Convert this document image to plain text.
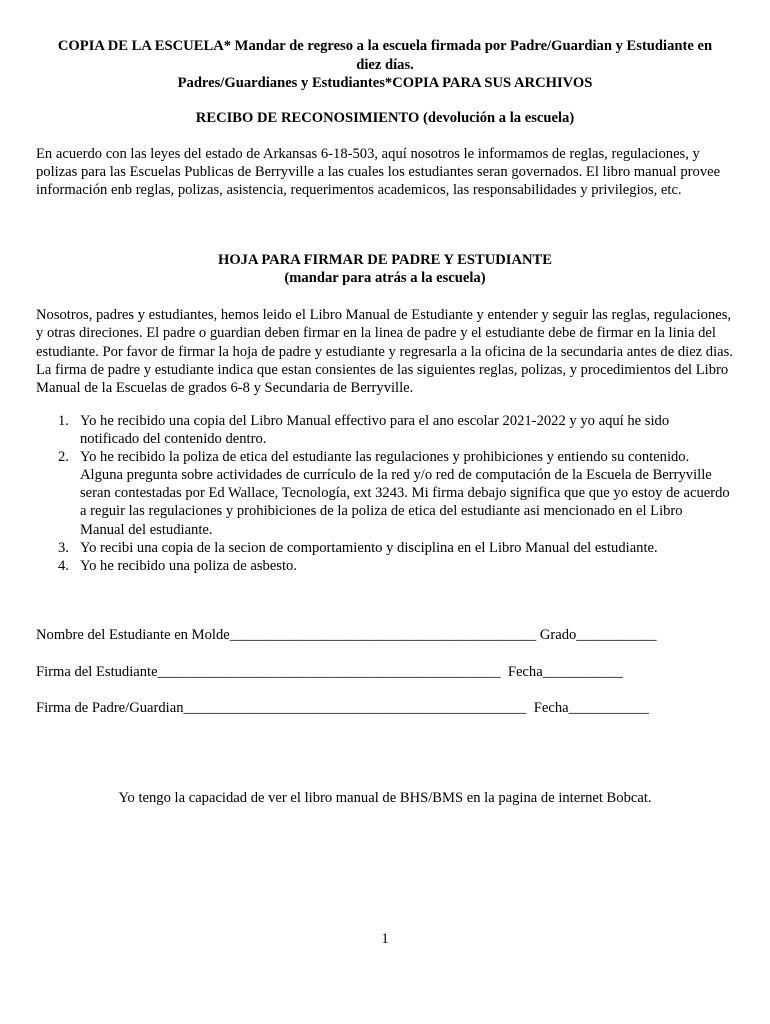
COPIA DE LA ESCUELA* Mandar de regreso a la escuela firmada por Padre/Guardian y Estudiante en
diez días.
Padres/Guardianes y Estudiantes*COPIA PARA SUS ARCHIVOS
RECIBO DE RECONOSIMIENTO (devolución a la escuela)
En acuerdo con las leyes del estado de Arkansas 6-18-503, aquí nosotros le informamos de reglas, regulaciones, y polizas para las Escuelas Publicas de Berryville a las cuales los estudiantes seran governados. El libro manual provee información enb reglas, polizas, asistencia, requerimentos academicos, las responsabilidades y privilegios, etc.
HOJA PARA FIRMAR DE PADRE Y ESTUDIANTE
(mandar para atrás a la escuela)
Nosotros, padres y estudiantes, hemos leido el Libro Manual de Estudiante y entender y seguir las reglas, regulaciones, y otras direciones. El padre o guardian deben firmar en la linea de padre y el estudiante debe de firmar en la linia del estudiante. Por favor de firmar la hoja de padre y estudiante y regresarla a la oficina de la secundaria antes de diez dias. La firma de padre y estudiante indica que estan consientes de las siguientes reglas, polizas, y procedimientos del Libro Manual de la Escuelas de grados 6-8 y Secundaria de Berryville.
1. Yo he recibido una copia del Libro Manual effectivo para el ano escolar 2021-2022 y yo aquí he sido notificado del contenido dentro.
2. Yo he recibido la poliza de etica del estudiante las regulaciones y prohibiciones y entiendo su contenido. Alguna pregunta sobre actividades de currículo de la red y/o red de computación de la Escuela de Berryville seran contestadas por Ed Wallace, Tecnología, ext 3243. Mi firma debajo significa que que yo estoy de acuerdo a reguir las regulaciones y prohibiciones de la poliza de etica del estudiante asi mencionado en el Libro Manual del estudiante.
3. Yo recibi una copia de la secion de comportamiento y disciplina en el Libro Manual del estudiante.
4. Yo he recibido una poliza de asbesto.
Nombre del Estudiante en Molde__________________________________________ Grado___________
Firma del Estudiante_______________________________________________  Fecha___________
Firma de Padre/Guardian_______________________________________________  Fecha___________
Yo tengo la capacidad de ver el libro manual de BHS/BMS en la pagina de internet Bobcat.
1
